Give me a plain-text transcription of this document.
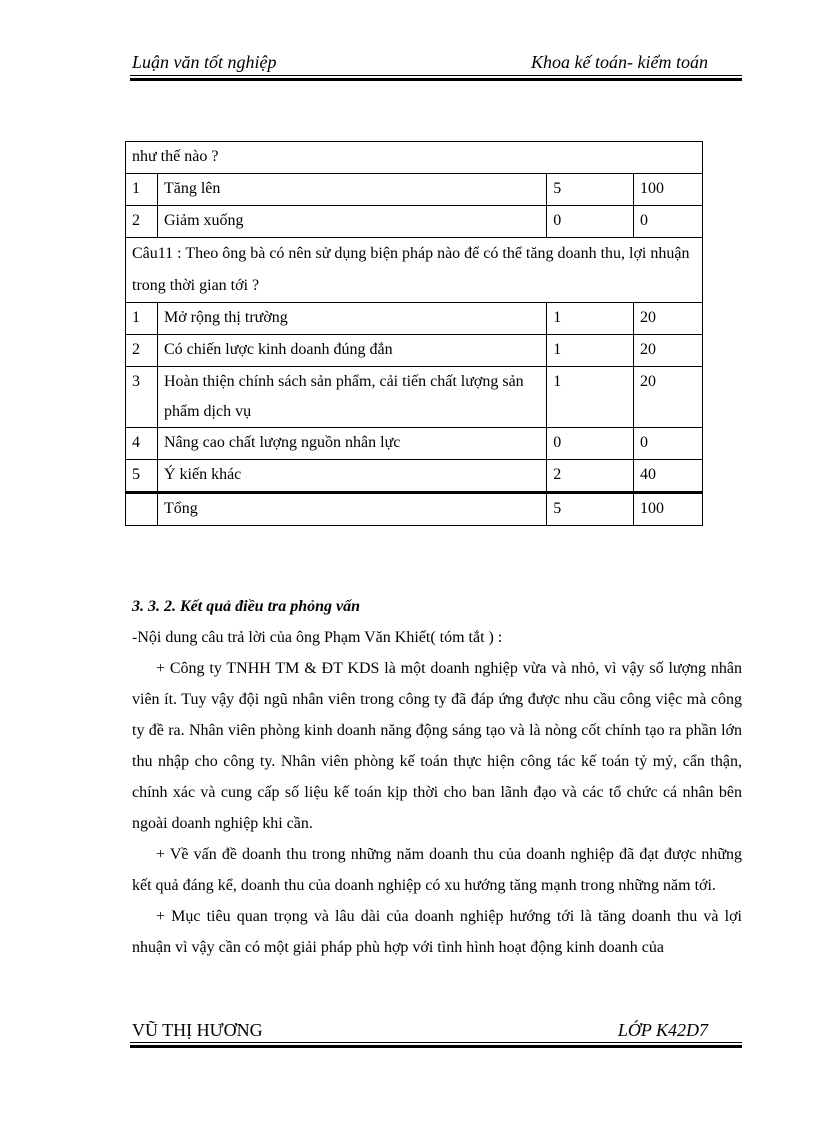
Luận văn tốt nghiệp	Khoa kế toán- kiểm toán
như thế nào ?			
1	Tăng lên	5	100
2	Giảm xuống	0	0
Câu11 : Theo ông bà có nên sử dụng biện pháp nào để có thể tăng doanh thu, lợi nhuận trong thời gian tới ?			
1	Mở rộng thị trường	1	20
2	Có chiến lược kinh doanh đúng đắn	1	20
3	Hoàn thiện chính sách sản phẩm, cải tiến chất lượng sản phẩm dịch vụ	1	20
4	Nâng cao chất lượng nguồn nhân lực	0	0
5	Ý kiến khác	2	40
	Tổng	5	100
3. 3. 2. Kết quả điều tra phỏng vấn

-Nội dung câu trả lời của ông Phạm Văn Khiết( tóm tắt ) :

+ Công ty TNHH TM & ĐT KDS là một doanh nghiệp vừa và nhỏ, vì vậy số lượng nhân viên ít. Tuy vậy đội ngũ nhân viên trong công ty đã đáp ứng được nhu cầu công việc mà công ty đề ra. Nhân viên phòng kinh doanh năng động sáng tạo và là nòng cốt chính tạo ra phần lớn thu nhập cho công ty. Nhân viên phòng kế toán thực hiện công tác kế toán tỷ mỷ, cẩn thận, chính xác và cung cấp số liệu kế toán kịp thời cho ban lãnh đạo và các tổ chức cá nhân bên ngoài doanh nghiệp khi cần.

+ Về vấn đề doanh thu trong những năm doanh thu của doanh nghiệp đã đạt được những kết quả đáng kể, doanh thu của doanh nghiệp có xu hướng tăng mạnh trong những năm tới.

+ Mục tiêu quan trọng và lâu dài của doanh nghiệp hướng tới là tăng doanh thu và lợi nhuận vì vậy cần có một giải pháp phù hợp với tình hình hoạt động kinh doanh của

VŨ THỊ HƯƠNG	LỚP K42D7
